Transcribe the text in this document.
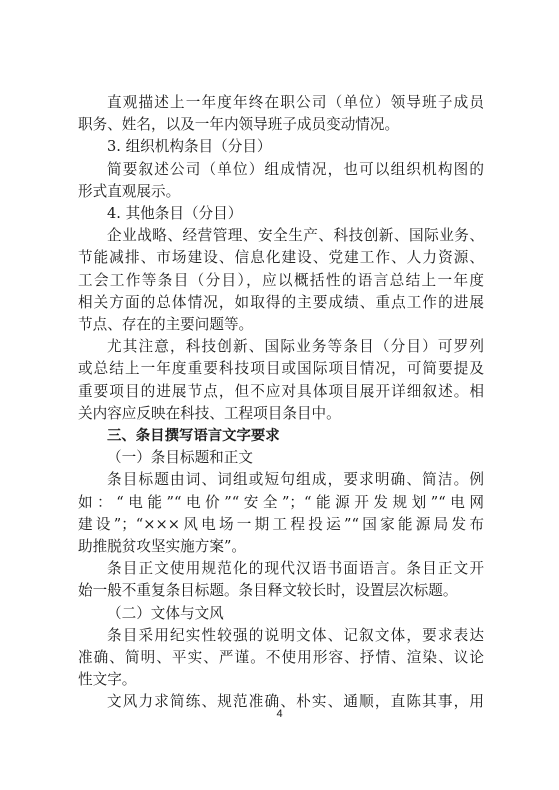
直观描述上一年度年终在职公司（单位）领导班子成员

职务、姓名，以及一年内领导班子成员变动情况。

3. 组织机构条目（分目）

简要叙述公司（单位）组成情况，也可以组织机构图的

形式直观展示。

4. 其他条目（分目）

企业战略、经营管理、安全生产、科技创新、国际业务、

节能减排、市场建设、信息化建设、党建工作、人力资源、

工会工作等条目（分目），应以概括性的语言总结上一年度

相关方面的总体情况，如取得的主要成绩、重点工作的进展

节点、存在的主要问题等。

尤其注意，科技创新、国际业务等条目（分目）可罗列

或总结上一年度重要科技项目或国际项目情况，可简要提及

重要项目的进展节点，但不应对具体项目展开详细叙述。相

关内容应反映在科技、工程项目条目中。

三、条目撰写语言文字要求

（一）条目标题和正文

条目标题由词、词组或短句组成，要求明确、简洁。例

如：“电能”“电价”“安全”；“能源开发规划”“电网

建设”；“×××风电场一期工程投运”“国家能源局发布

助推脱贫攻坚实施方案”。

条目正文使用规范化的现代汉语书面语言。条目正文开

始一般不重复条目标题。条目释文较长时，设置层次标题。

（二）文体与文风

条目采用纪实性较强的说明文体、记叙文体，要求表达

准确、简明、平实、严谨。不使用形容、抒情、渲染、议论

性文字。

文风力求简练、规范准确、朴实、通顺，直陈其事，用

4
